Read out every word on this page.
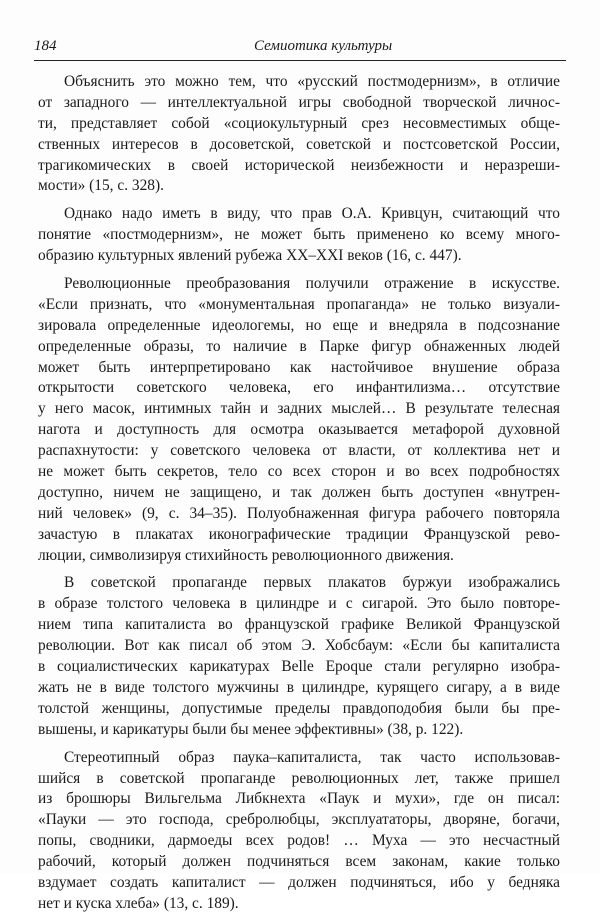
184	Семиотика культуры
Объяснить это можно тем, что «русский постмодернизм», в отличие
от западного — интеллектуальной игры свободной творческой личнос-
ти, представляет собой «социокультурный срез несовместимых обще-
ственных интересов в досоветской, советской и постсоветской России,
трагикомических в своей исторической неизбежности и неразреши-
мости» (15, с. 328).
Однако надо иметь в виду, что прав О.А. Кривцун, считающий что
понятие «постмодернизм», не может быть применено ко всему много-
образию культурных явлений рубежа XX–XXI веков (16, с. 447).
Революционные преобразования получили отражение в искусстве.
«Если признать, что «монументальная пропаганда» не только визуали-
зировала определенные идеологемы, но еще и внедряла в подсознание
определенные образы, то наличие в Парке фигур обнаженных людей
может быть интерпретировано как настойчивое внушение образа
открытости советского человека, его инфантилизма… отсутствие
у него масок, интимных тайн и задних мыслей… В результате телесная
нагота и доступность для осмотра оказывается метафорой духовной
распахнутости: у советского человека от власти, от коллектива нет и
не может быть секретов, тело со всех сторон и во всех подробностях
доступно, ничем не защищено, и так должен быть доступен «внутрен-
ний человек» (9, с. 34–35). Полуобнаженная фигура рабочего повторяла
зачастую в плакатах иконографические традиции Французской рево-
люции, символизируя стихийность революционного движения.
В советской пропаганде первых плакатов буржуи изображались
в образе толстого человека в цилиндре и с сигарой. Это было повторе-
нием типа капиталиста во французской графике Великой Французской
революции. Вот как писал об этом Э. Хобсбаум: «Если бы капиталиста
в социалистических карикатурах Belle Epoque стали регулярно изобра-
жать не в виде толстого мужчины в цилиндре, курящего сигару, а в виде
толстой женщины, допустимые пределы правдоподобия были бы пре-
вышены, и карикатуры были бы менее эффективны» (38, p. 122).
Стереотипный образ паука–капиталиста, так часто использовав-
шийся в советской пропаганде революционных лет, также пришел
из брошюры Вильгельма Либкнехта «Паук и мухи», где он писал:
«Пауки — это господа, сребролюбцы, эксплуататоры, дворяне, богачи,
попы, сводники, дармоеды всех родов! … Муха — это несчастный
рабочий, который должен подчиняться всем законам, какие только
вздумает создать капиталист — должен подчиняться, ибо у бедняка
нет и куска хлеба» (13, с. 189).
